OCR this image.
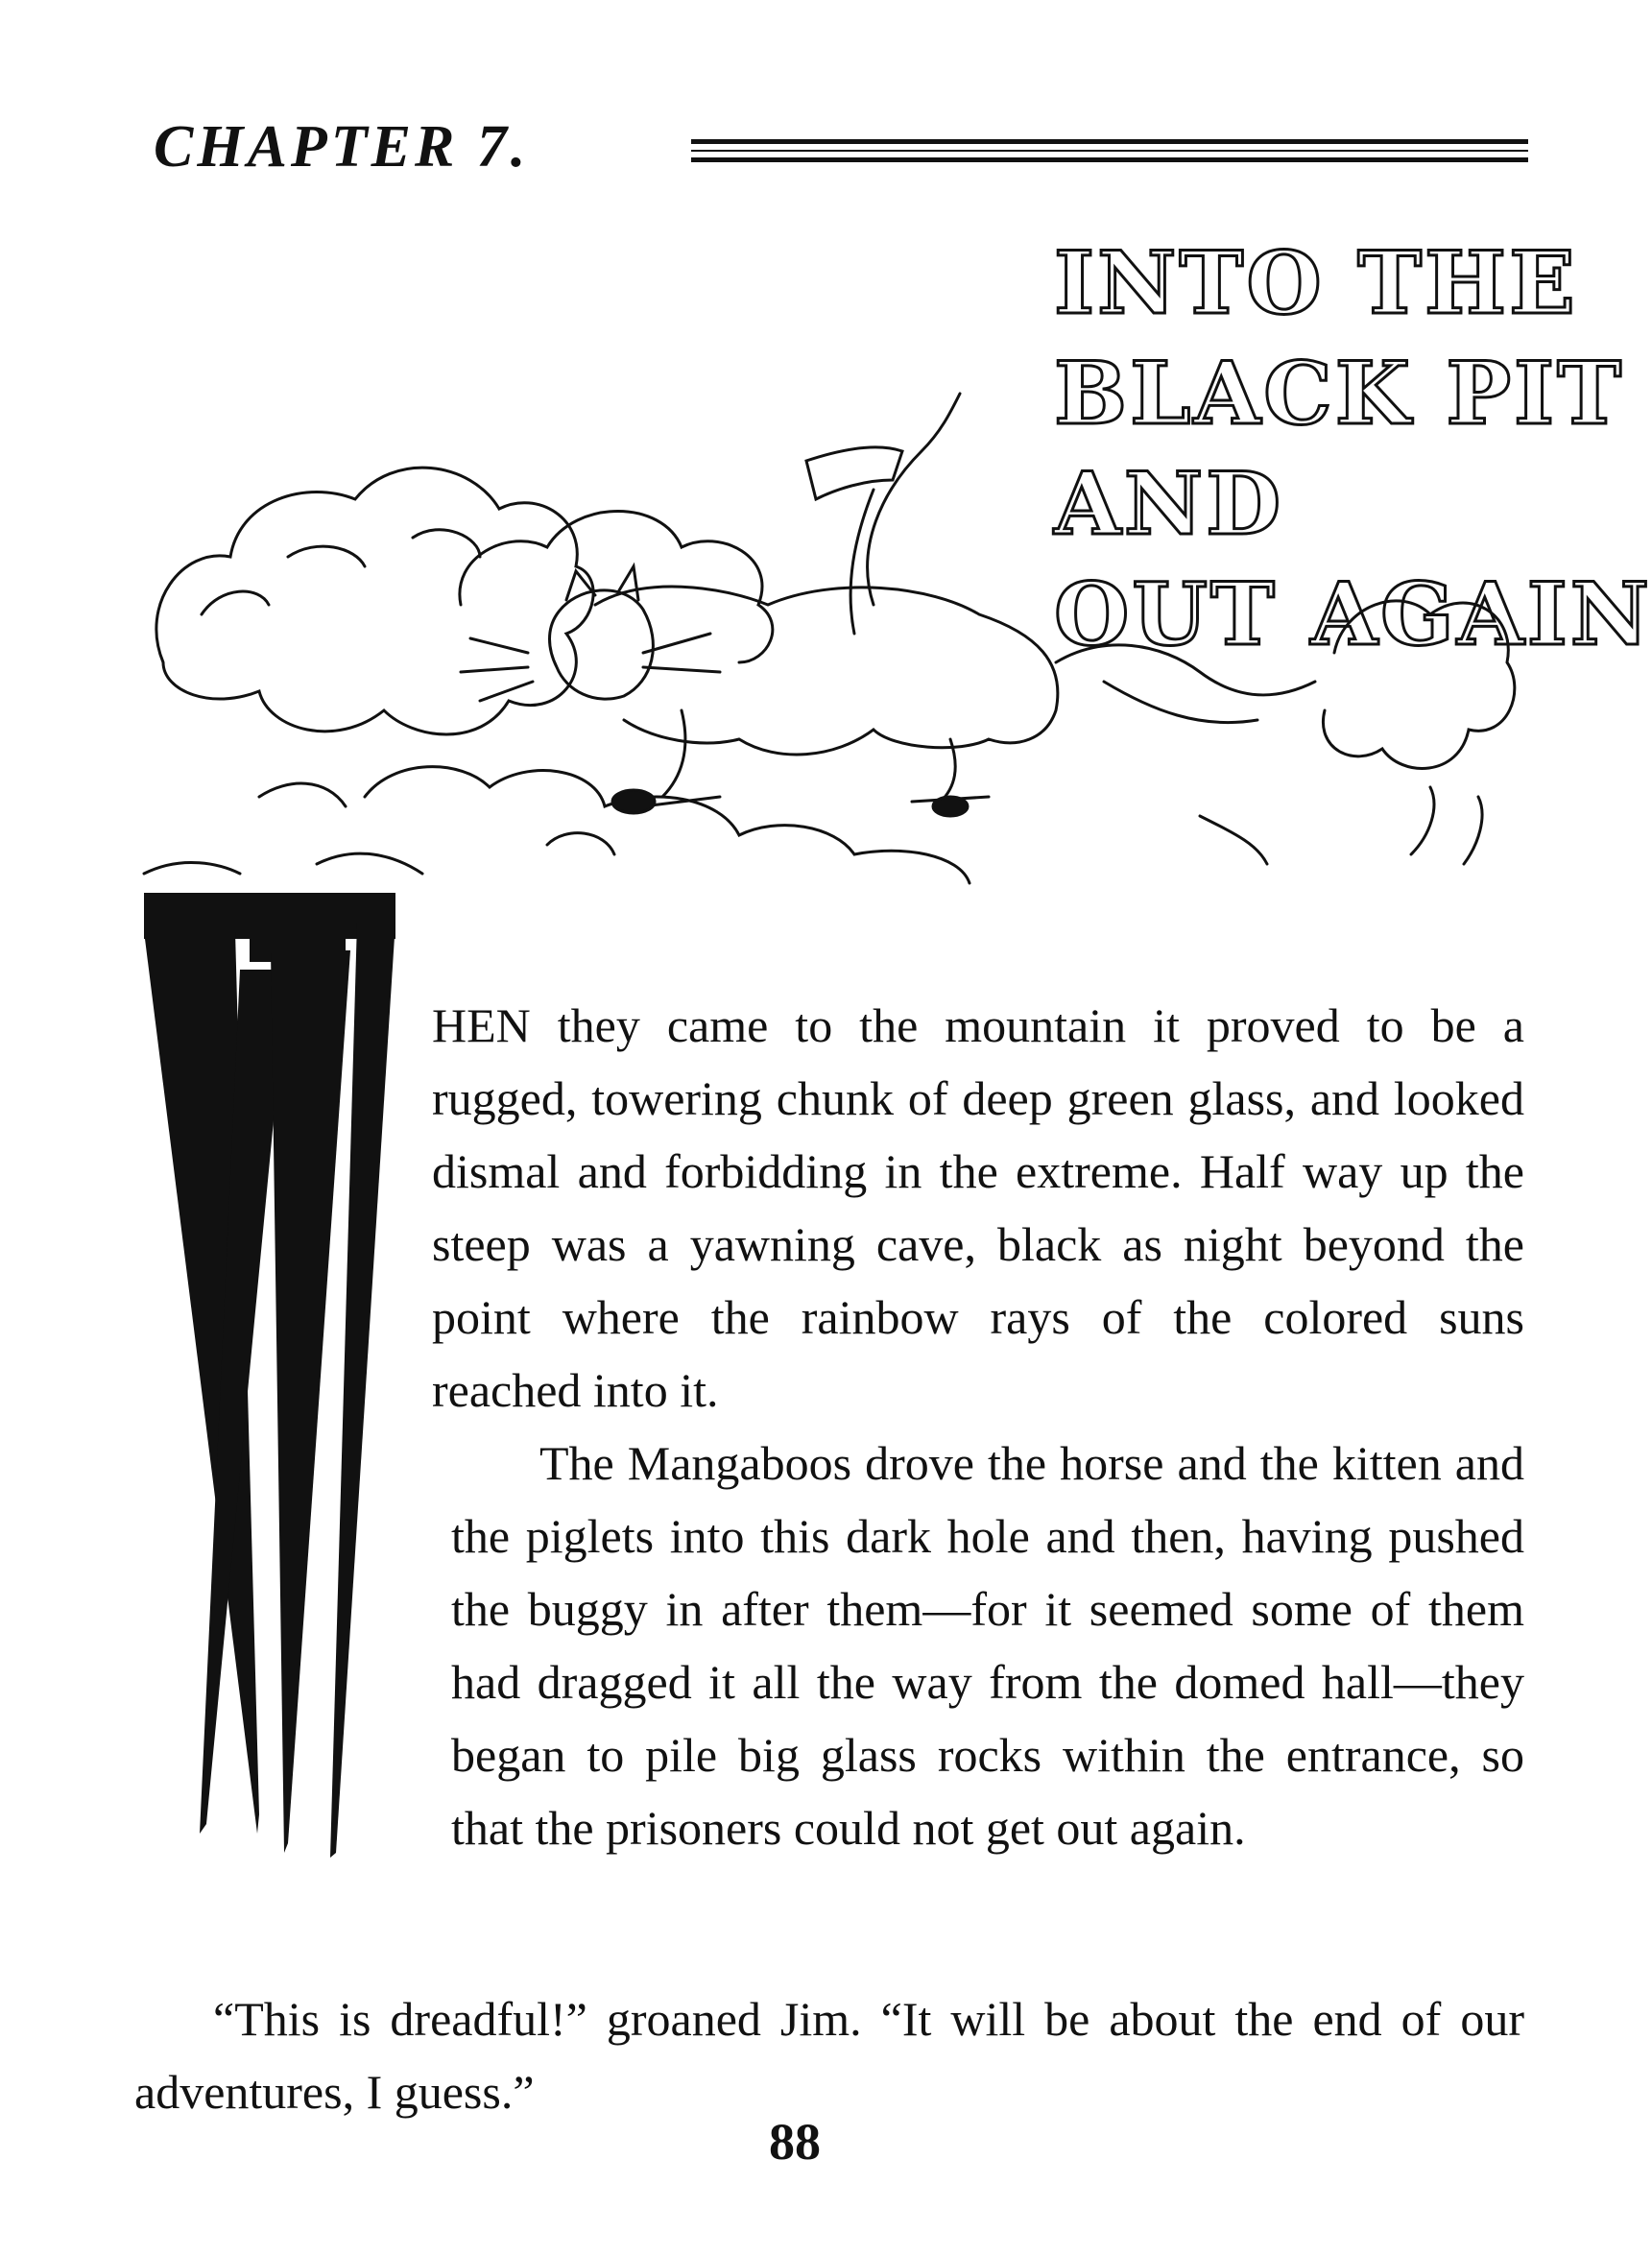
CHAPTER 7.
INTO THE
BLACK PIT
AND
OUT AGAIN

HEN they came to the mountain it proved to be a rugged, towering chunk of deep green glass, and looked dismal and forbidding in the extreme. Half way up the steep was a yawning cave, black as night beyond the point where the rainbow rays of the colored suns reached into it.

The Mangaboos drove the horse and the kitten and the piglets into this dark hole and then, having pushed the buggy in after them—for it seemed some of them had dragged it all the way from the domed hall—they began to pile big glass rocks within the entrance, so that the prisoners could not get out again.

“This is dreadful!” groaned Jim. “It will be about the end of our adventures, I guess.”

88
